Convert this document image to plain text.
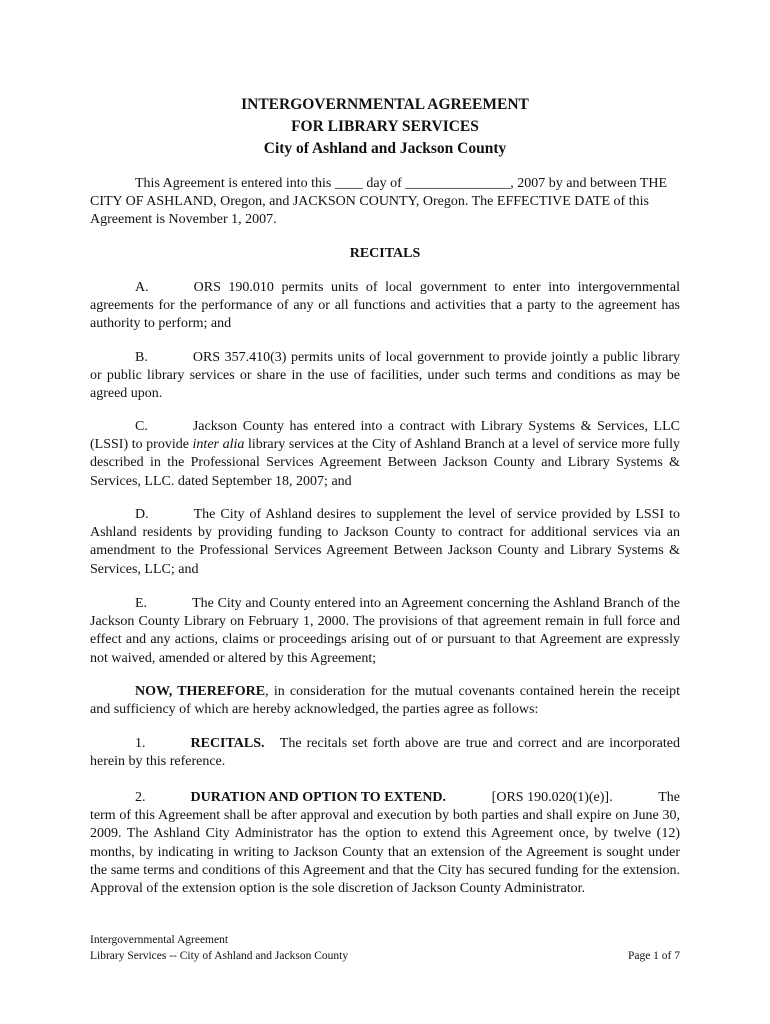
INTERGOVERNMENTAL AGREEMENT
FOR LIBRARY SERVICES
City of Ashland and Jackson County
This Agreement is entered into this ____ day of _______________, 2007 by and between THE CITY OF ASHLAND, Oregon, and JACKSON COUNTY, Oregon. The EFFECTIVE DATE of this Agreement is November 1, 2007.
RECITALS
A.	ORS 190.010 permits units of local government to enter into intergovernmental agreements for the performance of any or all functions and activities that a party to the agreement has authority to perform; and
B.	ORS 357.410(3) permits units of local government to provide jointly a public library or public library services or share in the use of facilities, under such terms and conditions as may be agreed upon.
C.	Jackson County has entered into a contract with Library Systems & Services, LLC (LSSI) to provide inter alia library services at the City of Ashland Branch at a level of service more fully described in the Professional Services Agreement Between Jackson County and Library Systems & Services, LLC. dated September 18, 2007; and
D.	The City of Ashland desires to supplement the level of service provided by LSSI to Ashland residents by providing funding to Jackson County to contract for additional services via an amendment to the Professional Services Agreement Between Jackson County and Library Systems & Services, LLC; and
E.	The City and County entered into an Agreement concerning the Ashland Branch of the Jackson County Library on February 1, 2000. The provisions of that agreement remain in full force and effect and any actions, claims or proceedings arising out of or pursuant to that Agreement are expressly not waived, amended or altered by this Agreement;
NOW, THEREFORE, in consideration for the mutual covenants contained herein the receipt and sufficiency of which are hereby acknowledged, the parties agree as follows:
1.	RECITALS. The recitals set forth above are true and correct and are incorporated herein by this reference.
2.	DURATION AND OPTION TO EXTEND.	[ORS 190.020(1)(e)].	The
term of this Agreement shall be after approval and execution by both parties and shall expire on June 30, 2009. The Ashland City Administrator has the option to extend this Agreement once, by twelve (12) months, by indicating in writing to Jackson County that an extension of the Agreement is sought under the same terms and conditions of this Agreement and that the City has secured funding for the extension. Approval of the extension option is the sole discretion of Jackson County Administrator.
Intergovernmental Agreement
Library Services -- City of Ashland and Jackson County	Page 1 of 7
